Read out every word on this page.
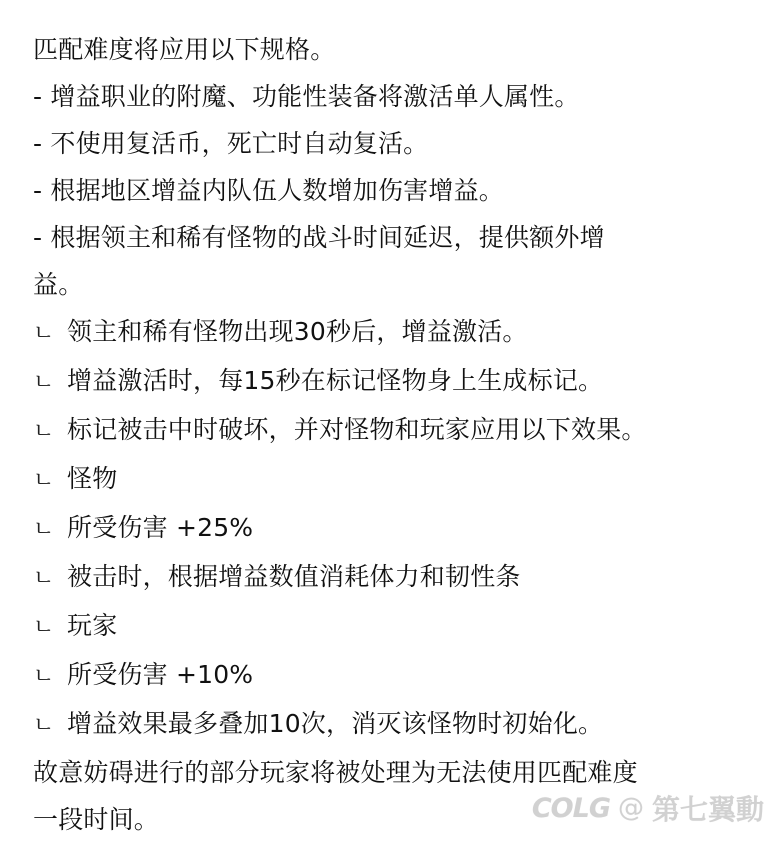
匹配难度将应用以下规格。
- 增益职业的附魔、功能性装备将激活单人属性。
- 不使用复活币，死亡时自动复活。
- 根据地区增益内队伍人数增加伤害增益。
- 根据领主和稀有怪物的战斗时间延迟，提供额外增
益。
ㄴ 领主和稀有怪物出现30秒后，增益激活。
ㄴ 增益激活时，每15秒在标记怪物身上生成标记。
ㄴ 标记被击中时破坏，并对怪物和玩家应用以下效果。
ㄴ 怪物
ㄴ 所受伤害 +25%
ㄴ 被击时，根据增益数值消耗体力和韧性条
ㄴ 玩家
ㄴ 所受伤害 +10%
ㄴ 增益效果最多叠加10次，消灭该怪物时初始化。
故意妨碍进行的部分玩家将被处理为无法使用匹配难度
一段时间。	COLG @ 第七翼動
